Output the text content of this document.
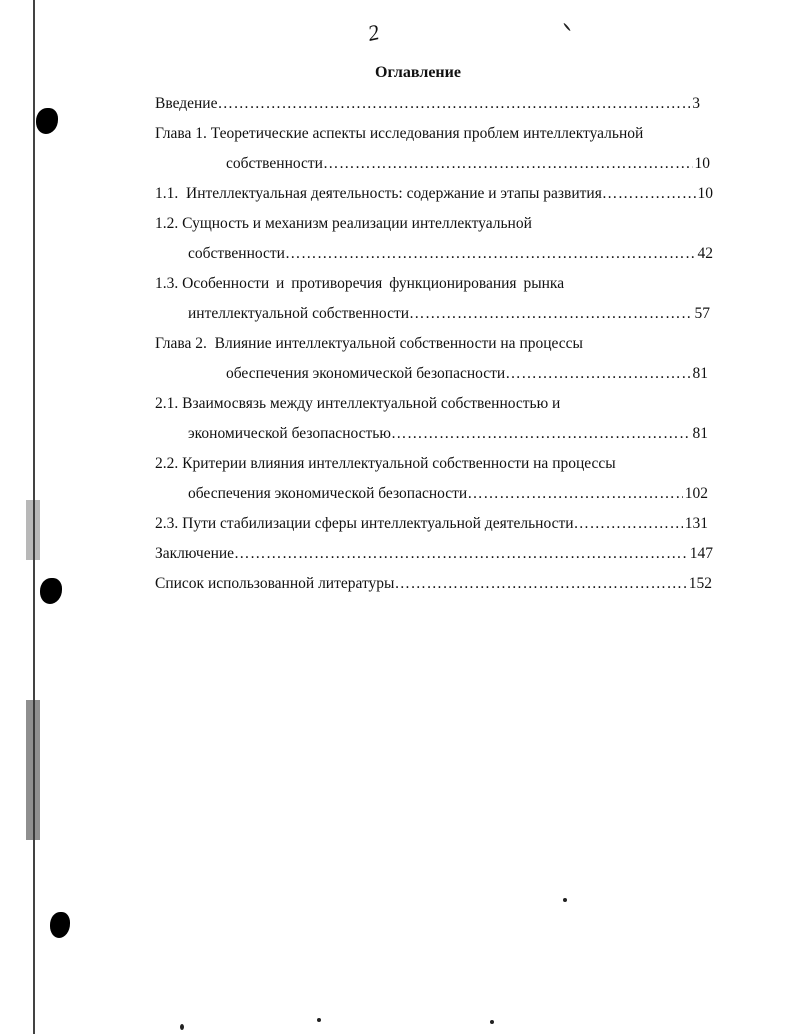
2
Оглавление
Введение …………………………………………………………………………………………………………………………………………	3
Глава 1.
Теоретические аспекты исследования проблем интеллектуальной
собственности …………………………………………………………………………………………………………………………………………	10
1.1.
Интеллектуальная деятельность: содержание и этапы развития …………………………………………………………………………………………………………………………………………	10
1.2.
Сущность и механизм реализации интеллектуальной
собственности …………………………………………………………………………………………………………………………………………	42
1.3.
Особенности и противоречия функционирования рынка
интеллектуальной собственности …………………………………………………………………………………………………………………………………………	57
Глава 2.
Влияние интеллектуальной собственности на процессы
обеспечения экономической безопасности …………………………………………………………………………………………………………………………………………	81
2.1.
Взаимосвязь между интеллектуальной собственностью и
экономической безопасностью …………………………………………………………………………………………………………………………………………	81
2.2.
Критерии влияния интеллектуальной собственности на процессы
обеспечения экономической безопасности …………………………………………………………………………………………………………………………………………	102
2.3.
Пути стабилизации сферы интеллектуальной деятельности …………………………………………………………………………………………………………………………………………	131
Заключение …………………………………………………………………………………………………………………………………………	147
Список использованной литературы …………………………………………………………………………………………………………………………………………	152
